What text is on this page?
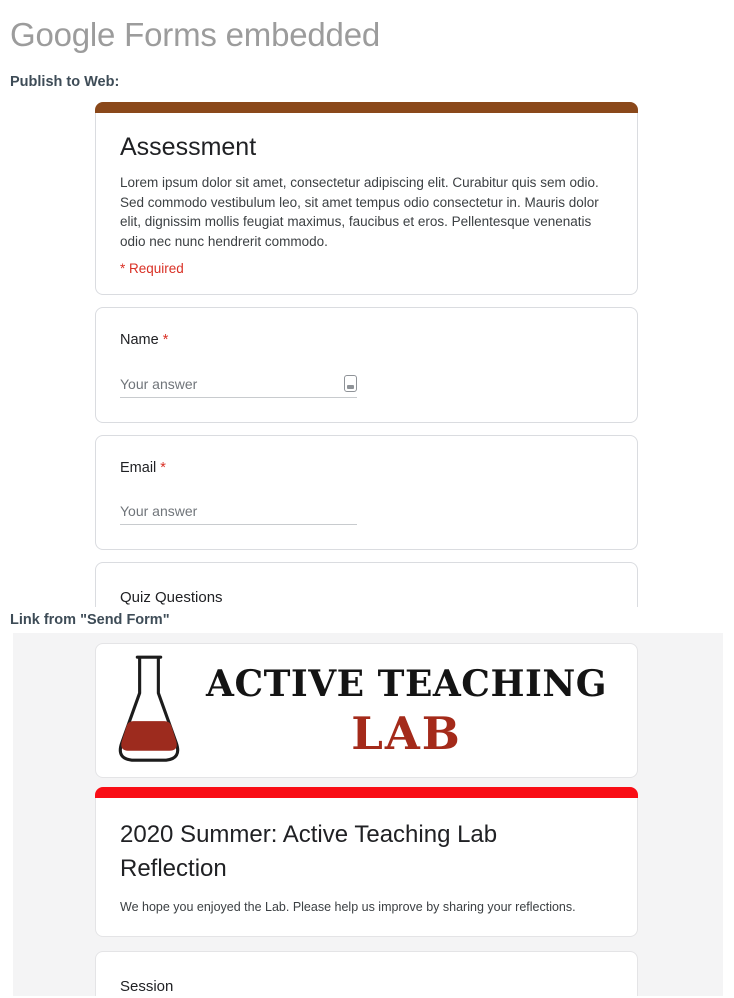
Google Forms embedded
Publish to Web:
Assessment
Lorem ipsum dolor sit amet, consectetur adipiscing elit. Curabitur quis sem odio. Sed commodo vestibulum leo, sit amet tempus odio consectetur in. Mauris dolor elit, dignissim mollis feugiat maximus, faucibus et eros. Pellentesque venenatis odio nec nunc hendrerit commodo.
* Required
Name *
Your answer
Email *
Your answer
Quiz Questions
Link from "Send Form"
ACTIVE TEACHING
LAB
2020 Summer: Active Teaching Lab Reflection
We hope you enjoyed the Lab. Please help us improve by sharing your reflections.
Session
